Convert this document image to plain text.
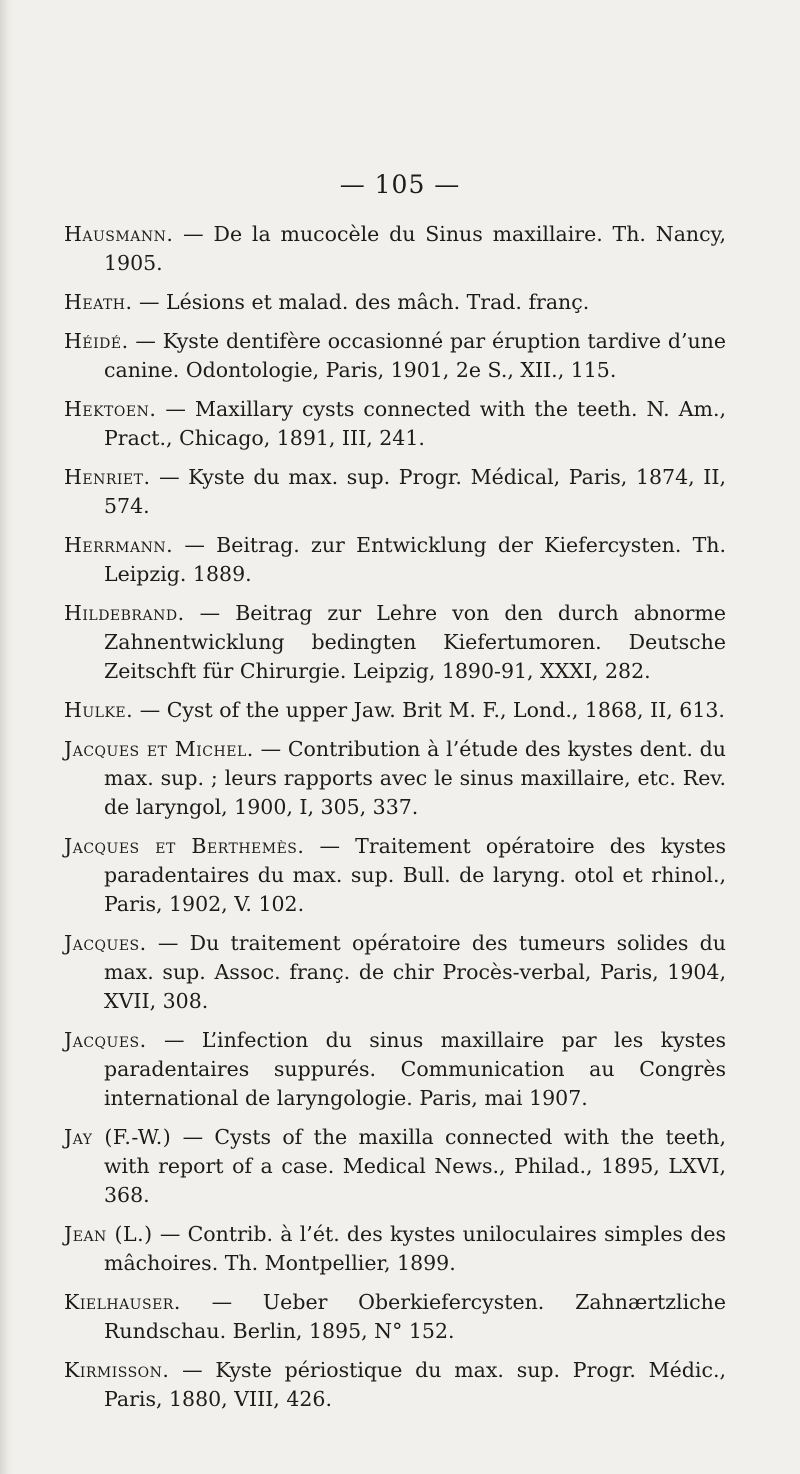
— 105 —

Hausmann. — De la mucocèle du Sinus maxillaire. Th. Nancy, 1905.

Heath. — Lésions et malad. des mâch. Trad. franç.

Héidé. — Kyste dentifère occasionné par éruption tardive d’une canine. Odontologie, Paris, 1901, 2e S., XII., 115.

Hektoen. — Maxillary cysts connected with the teeth. N. Am., Pract., Chicago, 1891, III, 241.

Henriet. — Kyste du max. sup. Progr. Médical, Paris, 1874, II, 574.

Herrmann. — Beitrag. zur Entwicklung der Kiefercysten. Th. Leipzig. 1889.

Hildebrand. — Beitrag zur Lehre von den durch abnorme Zahnentwicklung bedingten Kiefertumoren. Deutsche Zeitschft für Chirurgie. Leipzig, 1890-91, XXXI, 282.

Hulke. — Cyst of the upper Jaw. Brit M. F., Lond., 1868, II, 613.

Jacques et Michel. — Contribution à l’étude des kystes dent. du max. sup. ; leurs rapports avec le sinus maxillaire, etc. Rev. de laryngol, 1900, I, 305, 337.

Jacques et Berthemès. — Traitement opératoire des kystes paradentaires du max. sup. Bull. de laryng. otol et rhinol., Paris, 1902, V. 102.

Jacques. — Du traitement opératoire des tumeurs solides du max. sup. Assoc. franç. de chir Procès-verbal, Paris, 1904, XVII, 308.

Jacques. — L’infection du sinus maxillaire par les kystes paradentaires suppurés. Communication au Congrès international de laryngologie. Paris, mai 1907.

Jay (F.-W.) — Cysts of the maxilla connected with the teeth, with report of a case. Medical News., Philad., 1895, LXVI, 368.

Jean (L.) — Contrib. à l’ét. des kystes uniloculaires simples des mâchoires. Th. Montpellier, 1899.

Kielhauser. — Ueber Oberkiefercysten. Zahnærtzliche Rundschau. Berlin, 1895, N° 152.

Kirmisson. — Kyste périostique du max. sup. Progr. Médic., Paris, 1880, VIII, 426.
